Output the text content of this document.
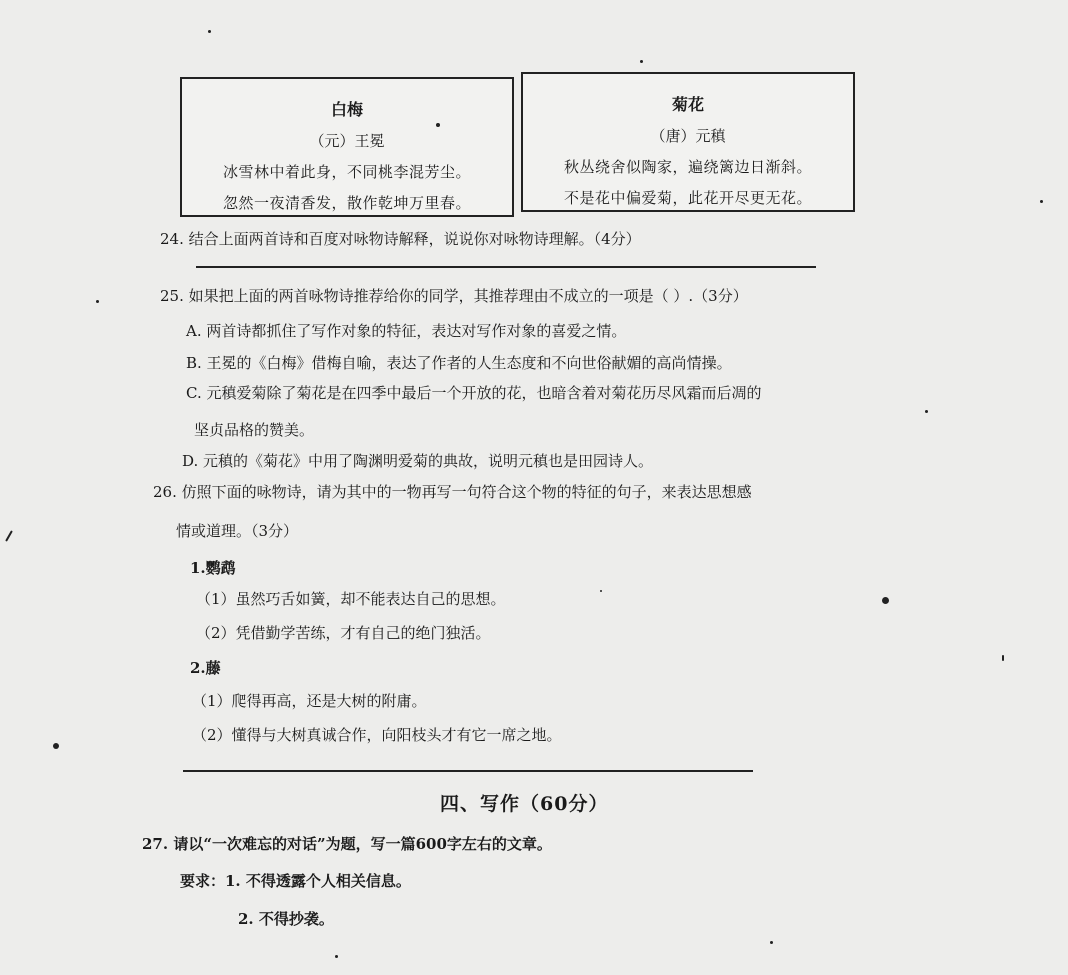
白梅
（元）王冕
冰雪林中着此身，不同桃李混芳尘。
忽然一夜清香发，散作乾坤万里春。
菊花
（唐）元稹
秋丛绕舍似陶家，遍绕篱边日渐斜。
不是花中偏爱菊，此花开尽更无花。
24. 结合上面两首诗和百度对咏物诗解释，说说你对咏物诗理解。（4分）
25. 如果把上面的两首咏物诗推荐给你的同学，其推荐理由不成立的一项是（ ）.（3分）
A. 两首诗都抓住了写作对象的特征，表达对写作对象的喜爱之情。
B. 王冕的《白梅》借梅自喻，表达了作者的人生态度和不向世俗献媚的高尚情操。
C. 元稹爱菊除了菊花是在四季中最后一个开放的花，也暗含着对菊花历尽风霜而后凋的
坚贞品格的赞美。
D. 元稹的《菊花》中用了陶渊明爱菊的典故，说明元稹也是田园诗人。
26. 仿照下面的咏物诗，请为其中的一物再写一句符合这个物的特征的句子，来表达思想感
情或道理。（3分）
1.鹦鹉
（1）虽然巧舌如簧，却不能表达自己的思想。
（2）凭借勤学苦练，才有自己的绝门独活。
2.藤
（1）爬得再高，还是大树的附庸。
（2）懂得与大树真诚合作，向阳枝头才有它一席之地。
四、写作（60分）
27. 请以“一次难忘的对话”为题，写一篇600字左右的文章。
要求：1. 不得透露个人相关信息。
2. 不得抄袭。
